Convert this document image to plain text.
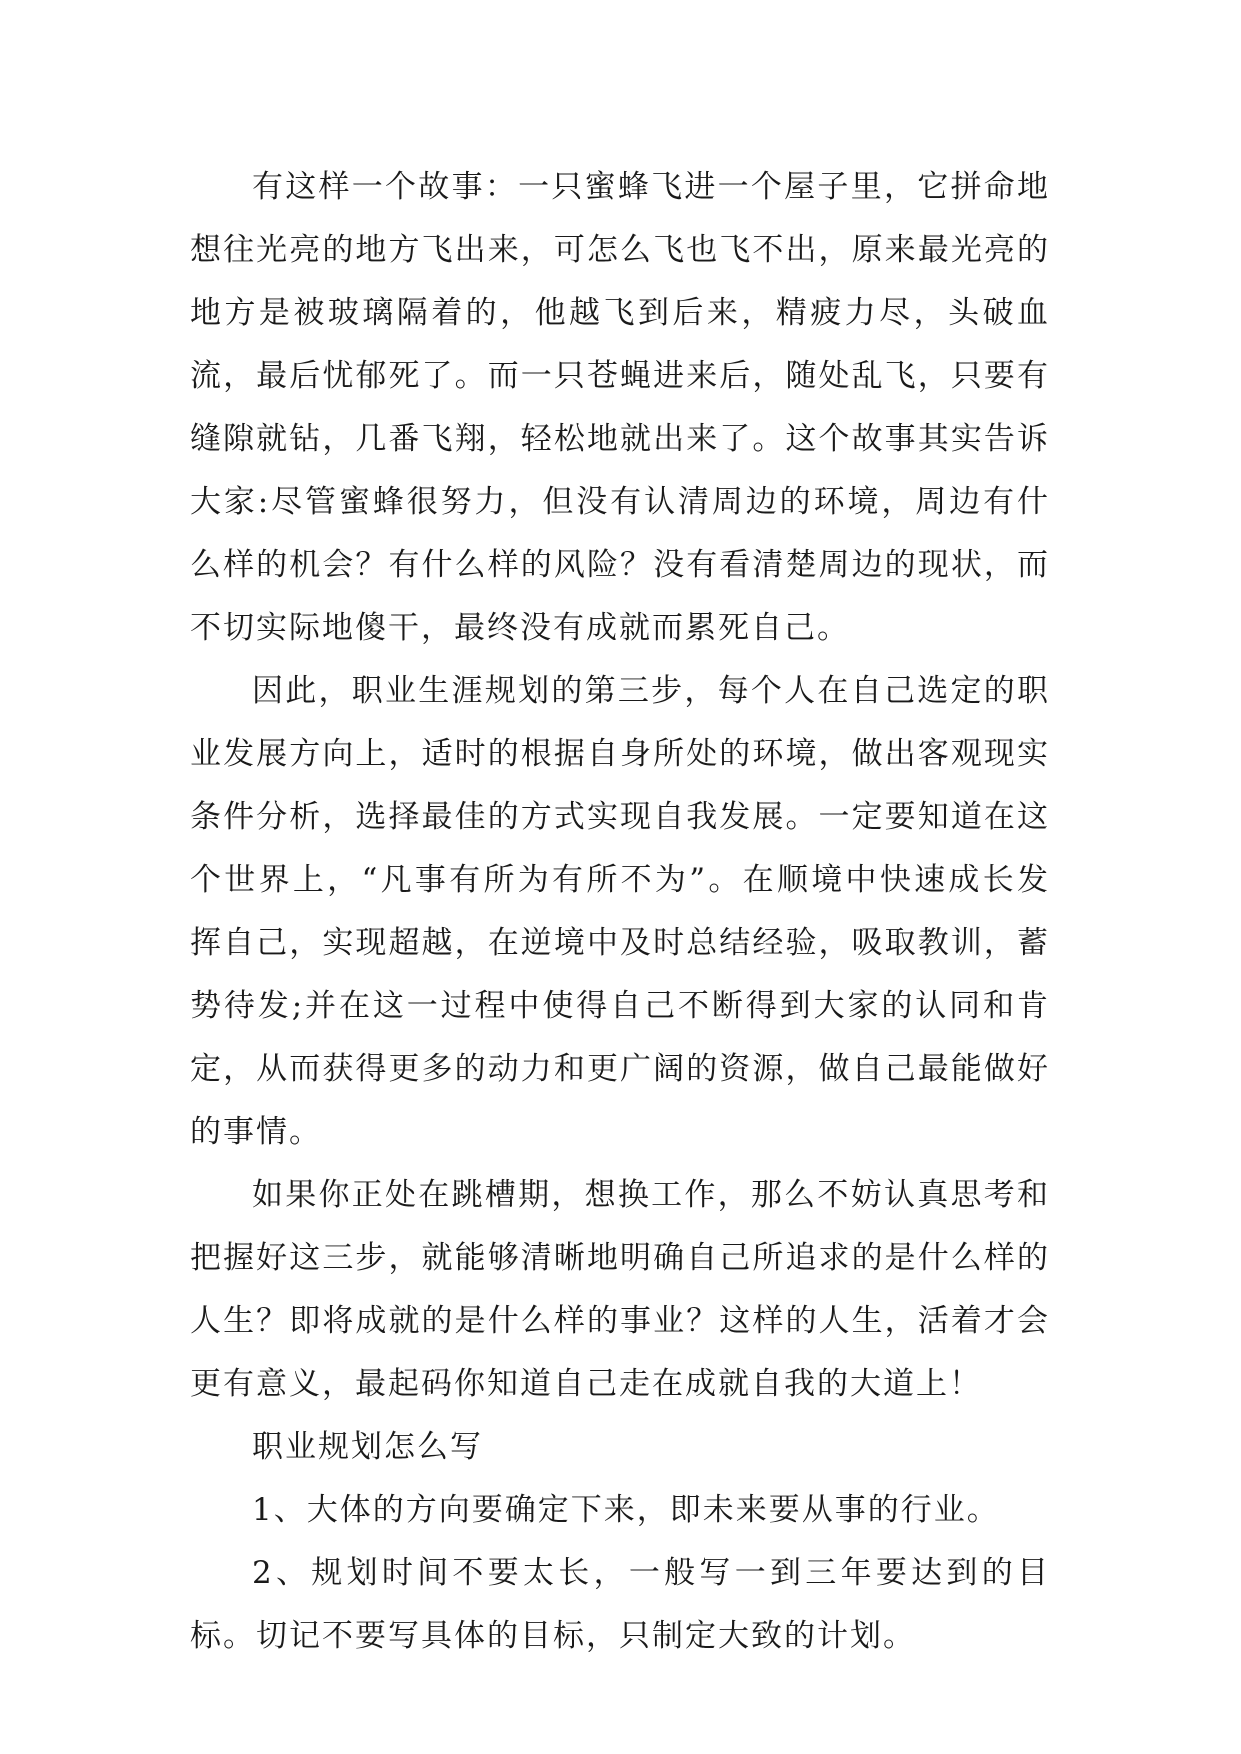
有这样一个故事：一只蜜蜂飞进一个屋子里，它拼命地想往光亮的地方飞出来，可怎么飞也飞不出，原来最光亮的地方是被玻璃隔着的，他越飞到后来，精疲力尽，头破血流，最后忧郁死了。而一只苍蝇进来后，随处乱飞，只要有缝隙就钻，几番飞翔，轻松地就出来了。这个故事其实告诉大家:尽管蜜蜂很努力，但没有认清周边的环境，周边有什么样的机会？有什么样的风险？没有看清楚周边的现状，而不切实际地傻干，最终没有成就而累死自己。

因此，职业生涯规划的第三步，每个人在自己选定的职业发展方向上，适时的根据自身所处的环境，做出客观现实条件分析，选择最佳的方式实现自我发展。一定要知道在这个世界上，“凡事有所为有所不为”。在顺境中快速成长发挥自己，实现超越，在逆境中及时总结经验，吸取教训，蓄势待发;并在这一过程中使得自己不断得到大家的认同和肯定，从而获得更多的动力和更广阔的资源，做自己最能做好的事情。

如果你正处在跳槽期，想换工作，那么不妨认真思考和把握好这三步，就能够清晰地明确自己所追求的是什么样的人生？即将成就的是什么样的事业？这样的人生，活着才会更有意义，最起码你知道自己走在成就自我的大道上！

职业规划怎么写

1、大体的方向要确定下来，即未来要从事的行业。

2、规划时间不要太长，一般写一到三年要达到的目标。切记不要写具体的目标，只制定大致的计划。
